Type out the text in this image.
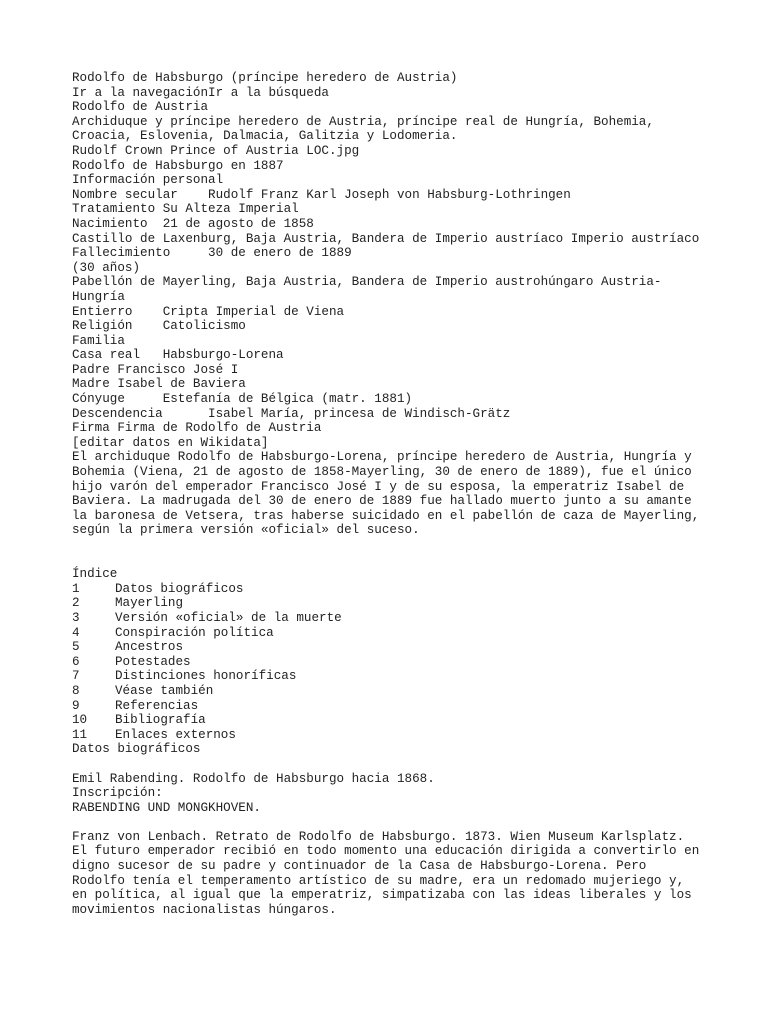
Rodolfo de Habsburgo (príncipe heredero de Austria)
Ir a la navegaciónIr a la búsqueda
Rodolfo de Austria
Archiduque y príncipe heredero de Austria, príncipe real de Hungría, Bohemia,
Croacia, Eslovenia, Dalmacia, Galitzia y Lodomeria.
Rudolf Crown Prince of Austria LOC.jpg
Rodolfo de Habsburgo en 1887
Información personal
Nombre secular    Rudolf Franz Karl Joseph von Habsburg-Lothringen
Tratamiento Su Alteza Imperial
Nacimiento  21 de agosto de 1858
Castillo de Laxenburg, Baja Austria, Bandera de Imperio austríaco Imperio austríaco
Fallecimiento     30 de enero de 1889
(30 años)
Pabellón de Mayerling, Baja Austria, Bandera de Imperio austrohúngaro Austria-
Hungría
Entierro    Cripta Imperial de Viena
Religión    Catolicismo
Familia
Casa real   Habsburgo-Lorena
Padre Francisco José I
Madre Isabel de Baviera
Cónyuge     Estefanía de Bélgica (matr. 1881)
Descendencia      Isabel María, princesa de Windisch-Grätz
Firma Firma de Rodolfo de Austria
[editar datos en Wikidata]
El archiduque Rodolfo de Habsburgo-Lorena, príncipe heredero de Austria, Hungría y
Bohemia (Viena, 21 de agosto de 1858-Mayerling, 30 de enero de 1889), fue el único
hijo varón del emperador Francisco José I y de su esposa, la emperatriz Isabel de
Baviera. La madrugada del 30 de enero de 1889 fue hallado muerto junto a su amante
la baronesa de Vetsera, tras haberse suicidado en el pabellón de caza de Mayerling,
según la primera versión «oficial» del suceso.
Índice
1	Datos biográficos
2	Mayerling
3	Versión «oficial» de la muerte
4	Conspiración política
5	Ancestros
6	Potestades
7	Distinciones honoríficas
8	Véase también
9	Referencias
10 Bibliografía
11 Enlaces externos
Datos biográficos
Emil Rabending. Rodolfo de Habsburgo hacia 1868.
Inscripción:
RABENDING UND MONGKHOVEN.
Franz von Lenbach. Retrato de Rodolfo de Habsburgo. 1873. Wien Museum Karlsplatz.
El futuro emperador recibió en todo momento una educación dirigida a convertirlo en
digno sucesor de su padre y continuador de la Casa de Habsburgo-Lorena. Pero
Rodolfo tenía el temperamento artístico de su madre, era un redomado mujeriego y,
en política, al igual que la emperatriz, simpatizaba con las ideas liberales y los
movimientos nacionalistas húngaros.
